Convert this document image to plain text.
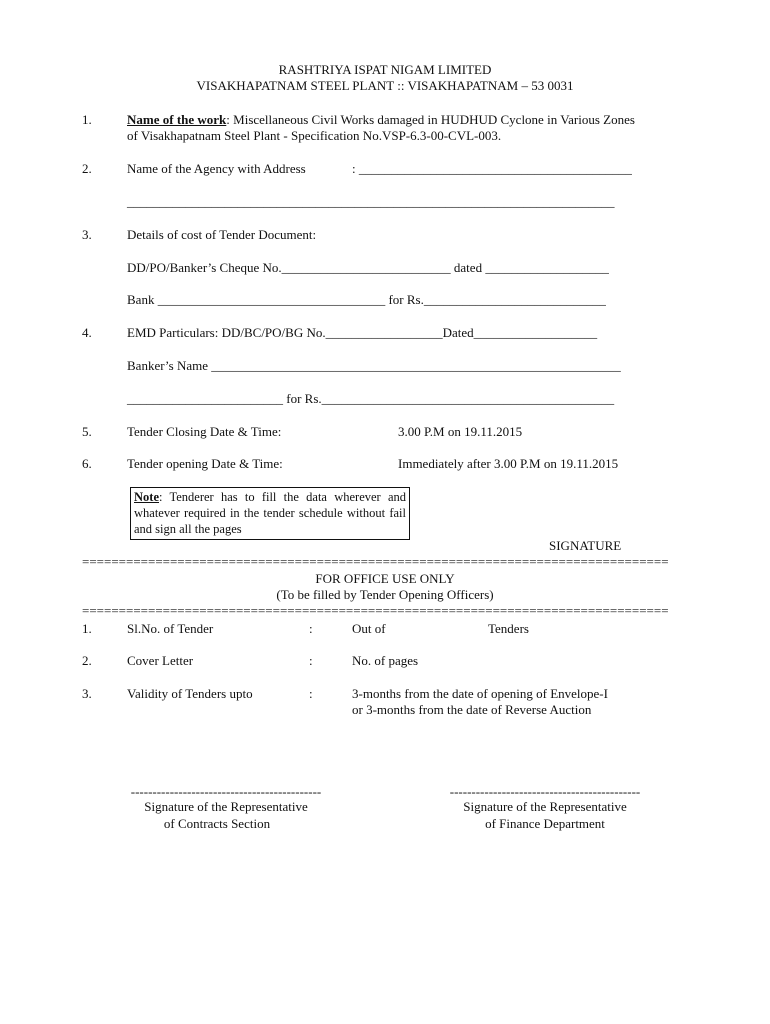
RASHTRIYA ISPAT NIGAM LIMITED
VISAKHAPATNAM STEEL PLANT :: VISAKHAPATNAM – 53 0031
1.	Name of the work: Miscellaneous Civil Works damaged in HUDHUD Cyclone in Various Zones
of Visakhapatnam Steel Plant - Specification No.VSP-6.3-00-CVL-003.
2.	Name of the Agency with Address	: __________________________________________
___________________________________________________________________________
3.	Details of cost of Tender Document:
DD/PO/Banker’s Cheque No.__________________________ dated ___________________
Bank ___________________________________ for Rs.____________________________
4.	EMD Particulars: DD/BC/PO/BG No.__________________Dated___________________
Banker’s Name _______________________________________________________________
________________________ for Rs._____________________________________________
5.	Tender Closing Date & Time:	3.00 P.M on 19.11.2015
6.	Tender opening Date & Time:	Immediately after 3.00 P.M on 19.11.2015
Note: Tenderer has to fill the data wherever and whatever required in the tender schedule without fail and sign all the pages
SIGNATURE
================================================================================
FOR OFFICE USE ONLY
(To be filled by Tender Opening Officers)
================================================================================
1.	Sl.No. of Tender	:	Out of	Tenders
2.	Cover Letter	:	No. of pages
3.	Validity of Tenders upto	:	3-months from the date of opening of Envelope-I
or 3-months from the date of Reverse Auction
--------------------------------------------
Signature of the Representative
of Contracts Section
--------------------------------------------
Signature of the Representative
of Finance Department
